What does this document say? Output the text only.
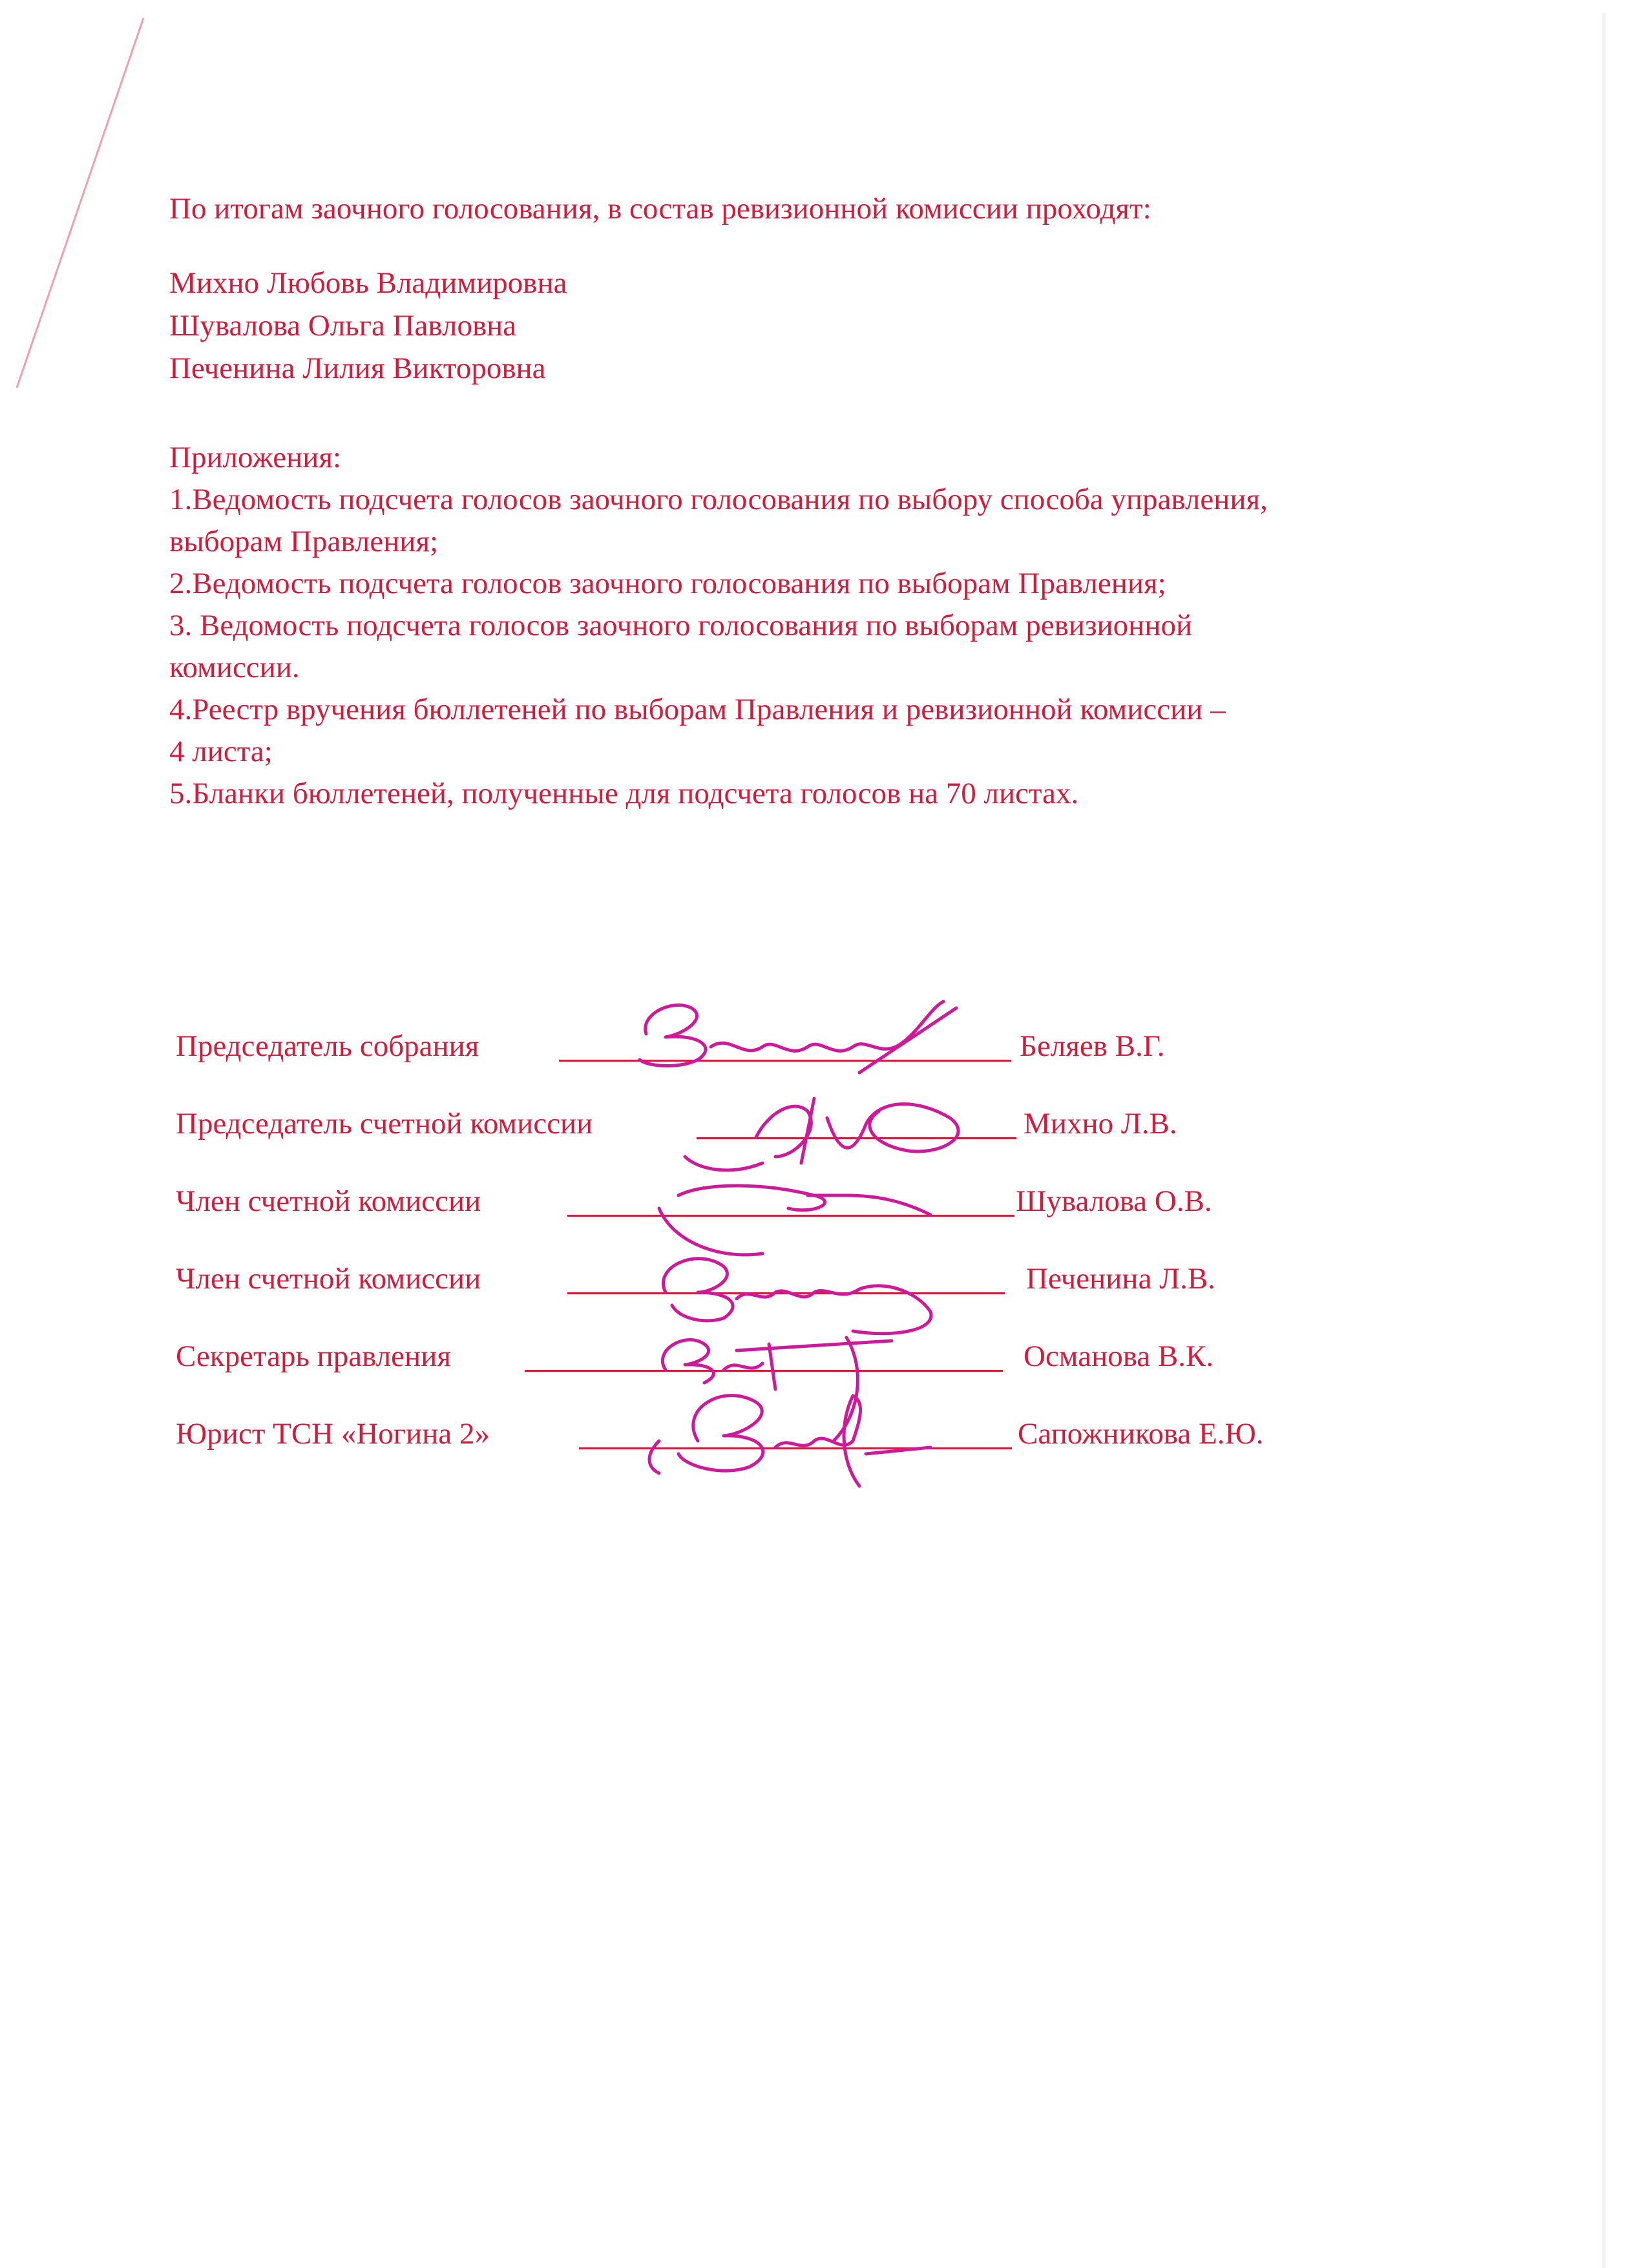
По итогам заочного голосования, в состав ревизионной комиссии проходят:
Михно Любовь Владимировна
Шувалова Ольга Павловна
Печенина Лилия Викторовна
Приложения:
1.Ведомость подсчета голосов заочного голосования по выбору способа управления,
выборам Правления;
2.Ведомость подсчета голосов заочного голосования по выборам Правления;
3. Ведомость подсчета голосов заочного голосования по выборам ревизионной
комиссии.
4.Реестр вручения бюллетеней по выборам Правления и ревизионной комиссии –
4 листа;
5.Бланки бюллетеней, полученные для подсчета голосов на 70 листах.
Председатель собрания	Беляев В.Г.
Председатель счетной комиссии	Михно Л.В.
Член счетной комиссии	Шувалова О.В.
Член счетной комиссии	Печенина Л.В.
Секретарь правления	Османова В.К.
Юрист ТСН «Ногина 2»	Сапожникова Е.Ю.
